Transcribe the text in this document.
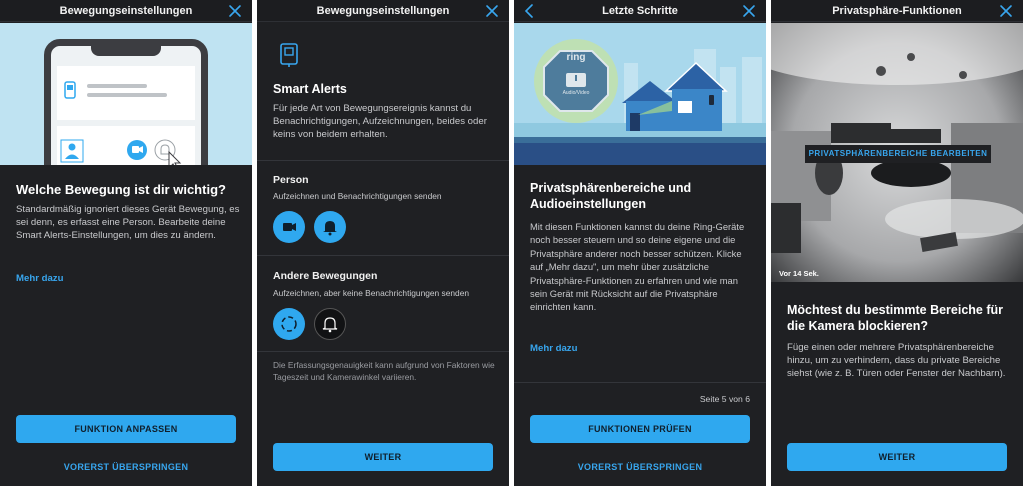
Bewegungseinstellungen
Welche Bewegung ist dir wichtig?
Standardmäßig ignoriert dieses Gerät Bewegung, es sei denn, es erfasst eine Person. Bearbeite deine Smart Alerts-Einstellungen, um dies zu ändern.
Mehr dazu
FUNKTION ANPASSEN
VORERST ÜBERSPRINGEN
Bewegungseinstellungen
Smart Alerts
Für jede Art von Bewegungsereignis kannst du Benachrichtigungen, Aufzeichnungen, beides oder keins von beidem erhalten.
Person
Aufzeichnen und Benachrichtigungen senden
Andere Bewegungen
Aufzeichnen, aber keine Benachrichtigungen senden
Die Erfassungsgenauigkeit kann aufgrund von Faktoren wie Tageszeit und Kamerawinkel variieren.
WEITER
Letzte Schritte
ring
Audio/Video
Privatsphärenbereiche und Audioeinstellungen
Mit diesen Funktionen kannst du deine Ring-Geräte noch besser steuern und so deine eigene und die Privatsphäre anderer noch besser schützen. Klicke auf „Mehr dazu", um mehr über zusätzliche Privatsphäre-Funktionen zu erfahren und wie man sein Gerät mit Rücksicht auf die Privatsphäre einrichten kann.
Mehr dazu
Seite 5 von 6
FUNKTIONEN PRÜFEN
VORERST ÜBERSPRINGEN
Privatsphäre-Funktionen
PRIVATSPHÄRENBEREICHE BEARBEITEN
Vor 14 Sek.
Möchtest du bestimmte Bereiche für die Kamera blockieren?
Füge einen oder mehrere Privatsphärenbereiche hinzu, um zu verhindern, dass du private Bereiche siehst (wie z. B. Türen oder Fenster der Nachbarn).
WEITER
